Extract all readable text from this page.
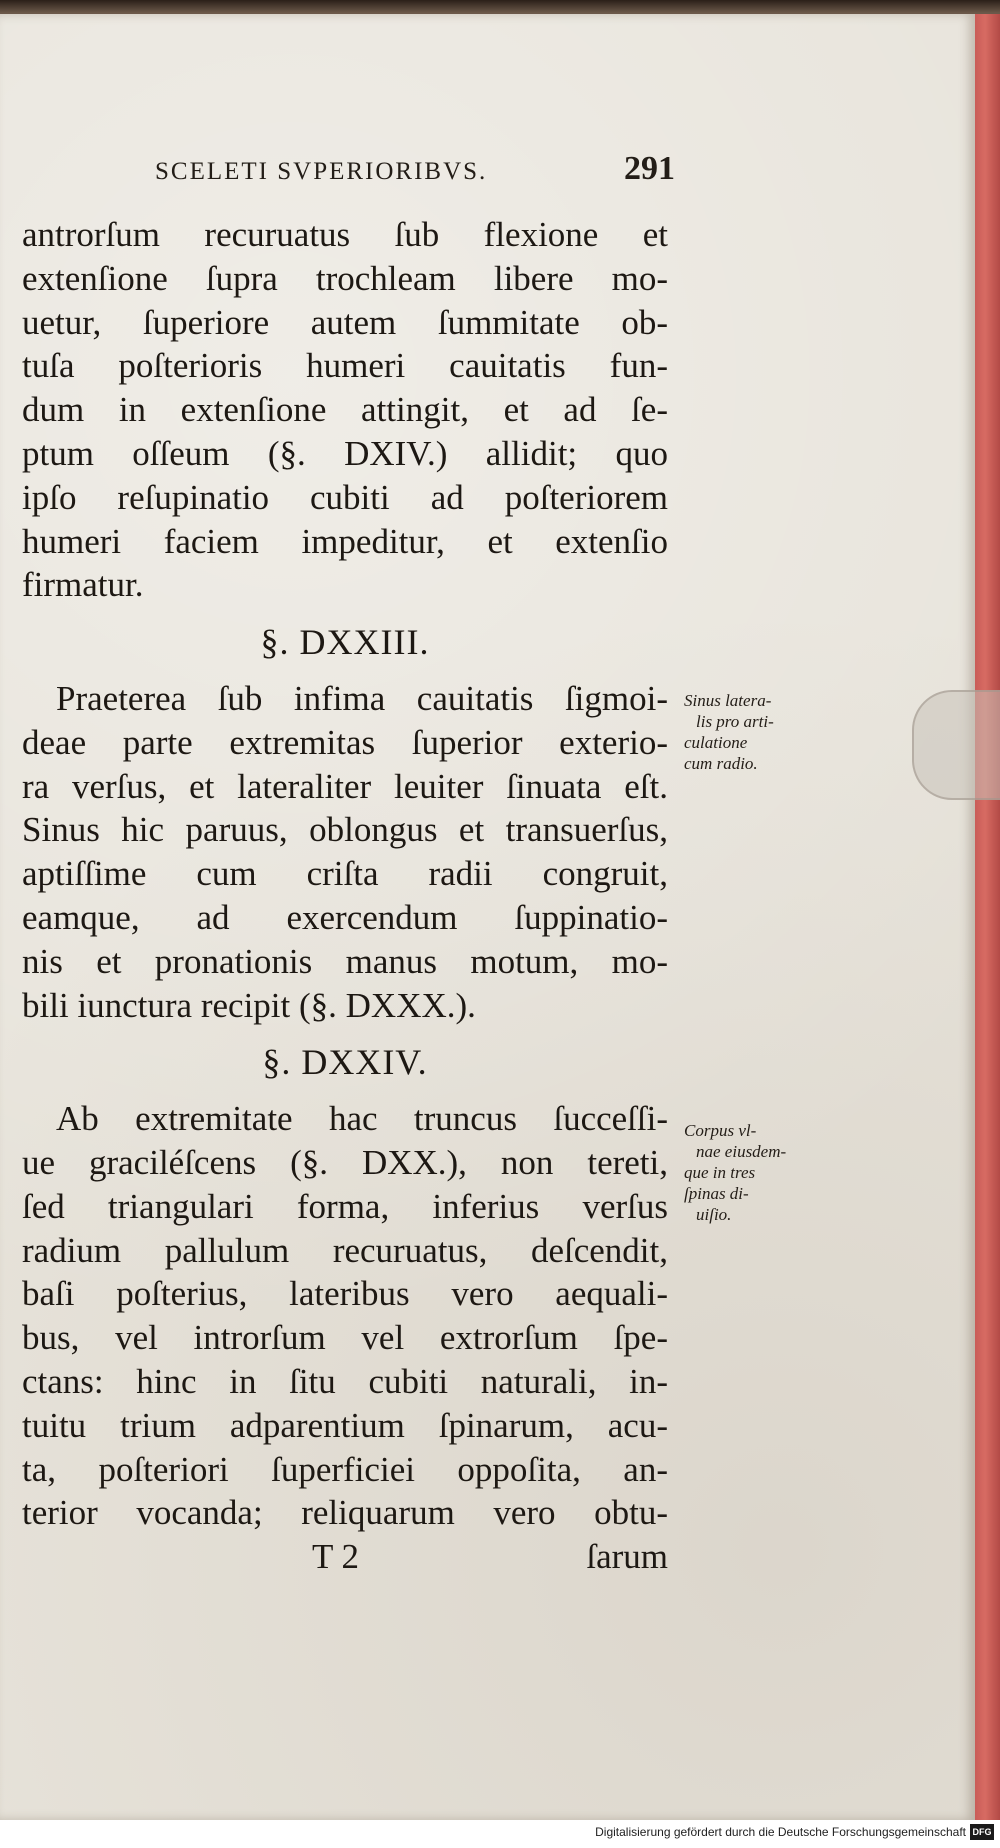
SCELETI SVPERIORIBVS.	291
antrorſum recuruatus ſub flexione et
extenſione ſupra trochleam libere mo-
uetur, ſuperiore autem ſummitate ob-
tuſa poſterioris humeri cauitatis fun-
dum in extenſione attingit, et ad ſe-
ptum oſſeum (§. DXIV.) allidit; quo
ipſo reſupinatio cubiti ad poſteriorem
humeri faciem impeditur, et extenſio
firmatur.
§. DXXIII.
Praeterea ſub infima cauitatis ſigmoi-
deae parte extremitas ſuperior exterio-
ra verſus, et lateraliter leuiter ſinuata eſt.
Sinus hic paruus, oblongus et transuerſus,
aptiſſime cum criſta radii congruit,
eamque, ad exercendum ſuppinatio-
nis et pronationis manus motum, mo-
bili iunctura recipit (§. DXXX.).
§. DXXIV.
Ab extremitate hac truncus ſucceſſi-
ue graciléſcens (§. DXX.), non tereti,
ſed triangulari forma, inferius verſus
radium pallulum recuruatus, deſcendit,
baſi poſterius, lateribus vero aequali-
bus, vel introrſum vel extrorſum ſpe-
ctans: hinc in ſitu cubiti naturali, in-
tuitu trium adparentium ſpinarum, acu-
ta, poſteriori ſuperficiei oppoſita, an-
terior vocanda; reliquarum vero obtu-
T 2	ſarum
Sinus latera-
lis pro arti-
culatione
cum radio.
Corpus vl-
nae eiusdem-
que in tres
ſpinas di-
uiſio.
Digitalisierung gefördert durch die Deutsche Forschungsgemeinschaft DFG
